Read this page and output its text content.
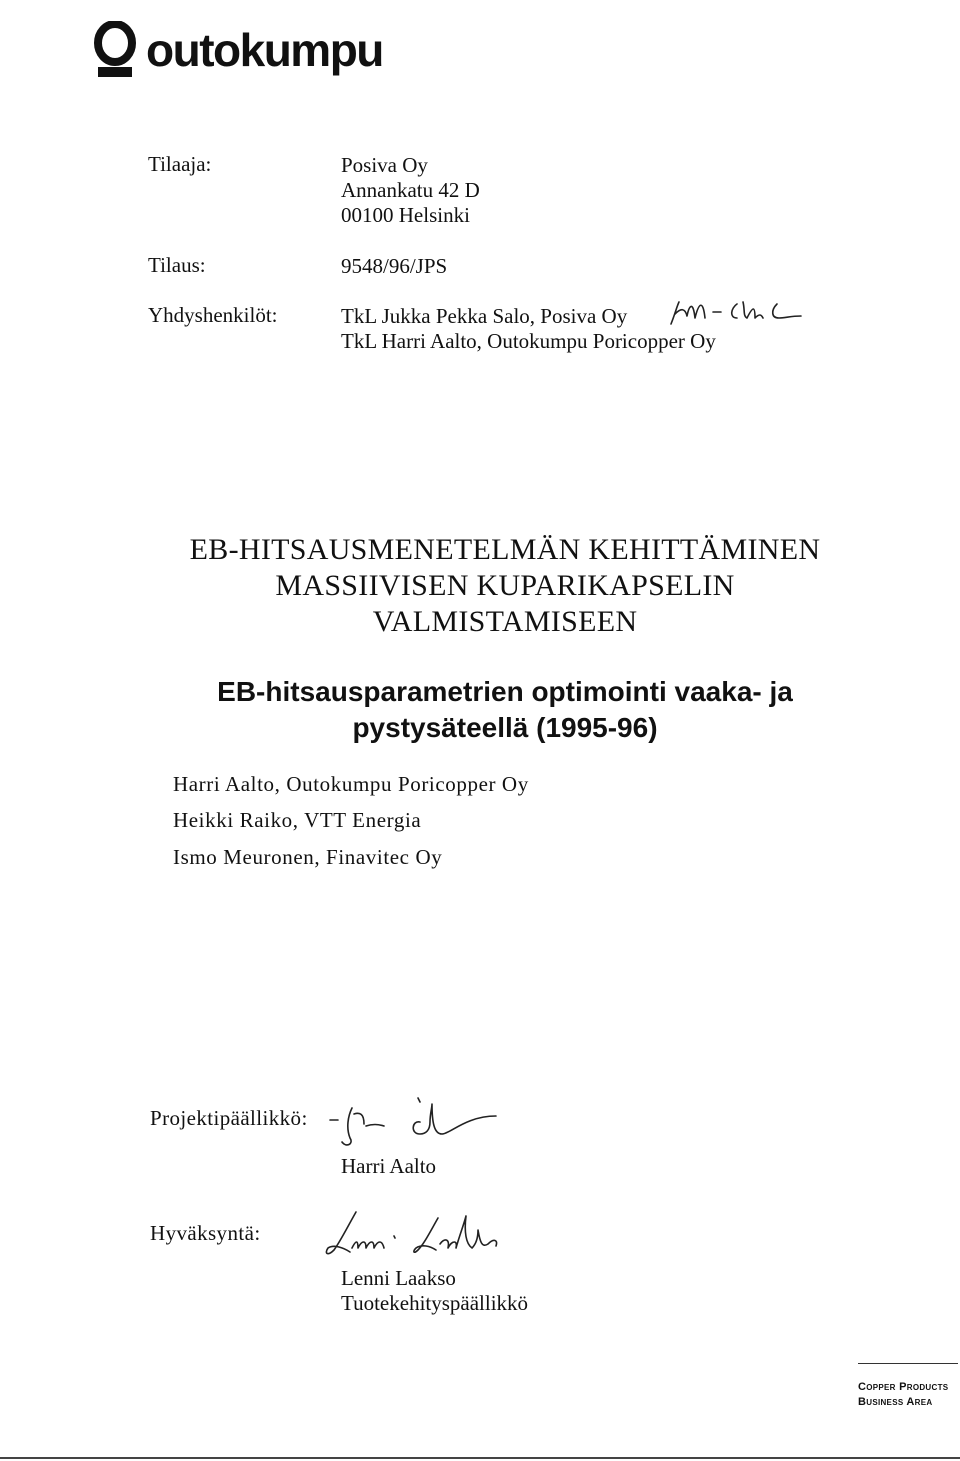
outokumpu
Tilaaja:	Posiva Oy
Annankatu 42 D
00100 Helsinki
Tilaus:	9548/96/JPS
Yhdyshenkilöt:	TkL Jukka Pekka Salo, Posiva Oy
TkL Harri Aalto, Outokumpu Poricopper Oy
EB-HITSAUSMENETELMÄN KEHITTÄMINEN
MASSIIVISEN KUPARIKAPSELIN
VALMISTAMISEEN
EB-hitsausparametrien optimointi vaaka- ja
pystysäteellä (1995-96)
Harri Aalto, Outokumpu Poricopper Oy
Heikki Raiko, VTT Energia
Ismo Meuronen, Finavitec Oy
Projektipäällikkö:
Harri Aalto
Hyväksyntä:
Lenni Laakso
Tuotekehityspäällikkö
Copper Products
Business Area
